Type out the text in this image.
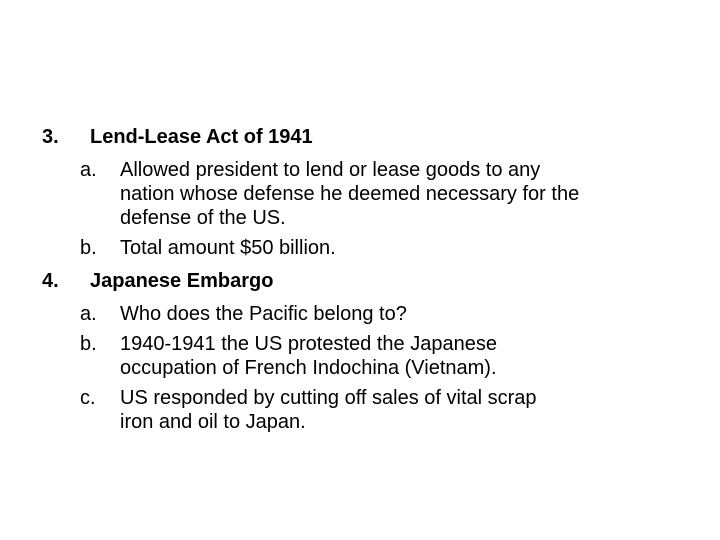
3. Lend-Lease Act of 1941
a. Allowed president to lend or lease goods to any
nation whose defense he deemed necessary for the
defense of the US.
b. Total amount $50 billion.
4. Japanese Embargo
a. Who does the Pacific belong to?
b. 1940-1941 the US protested the Japanese
occupation of French Indochina (Vietnam).
c. US responded by cutting off sales of vital scrap
iron and oil to Japan.
